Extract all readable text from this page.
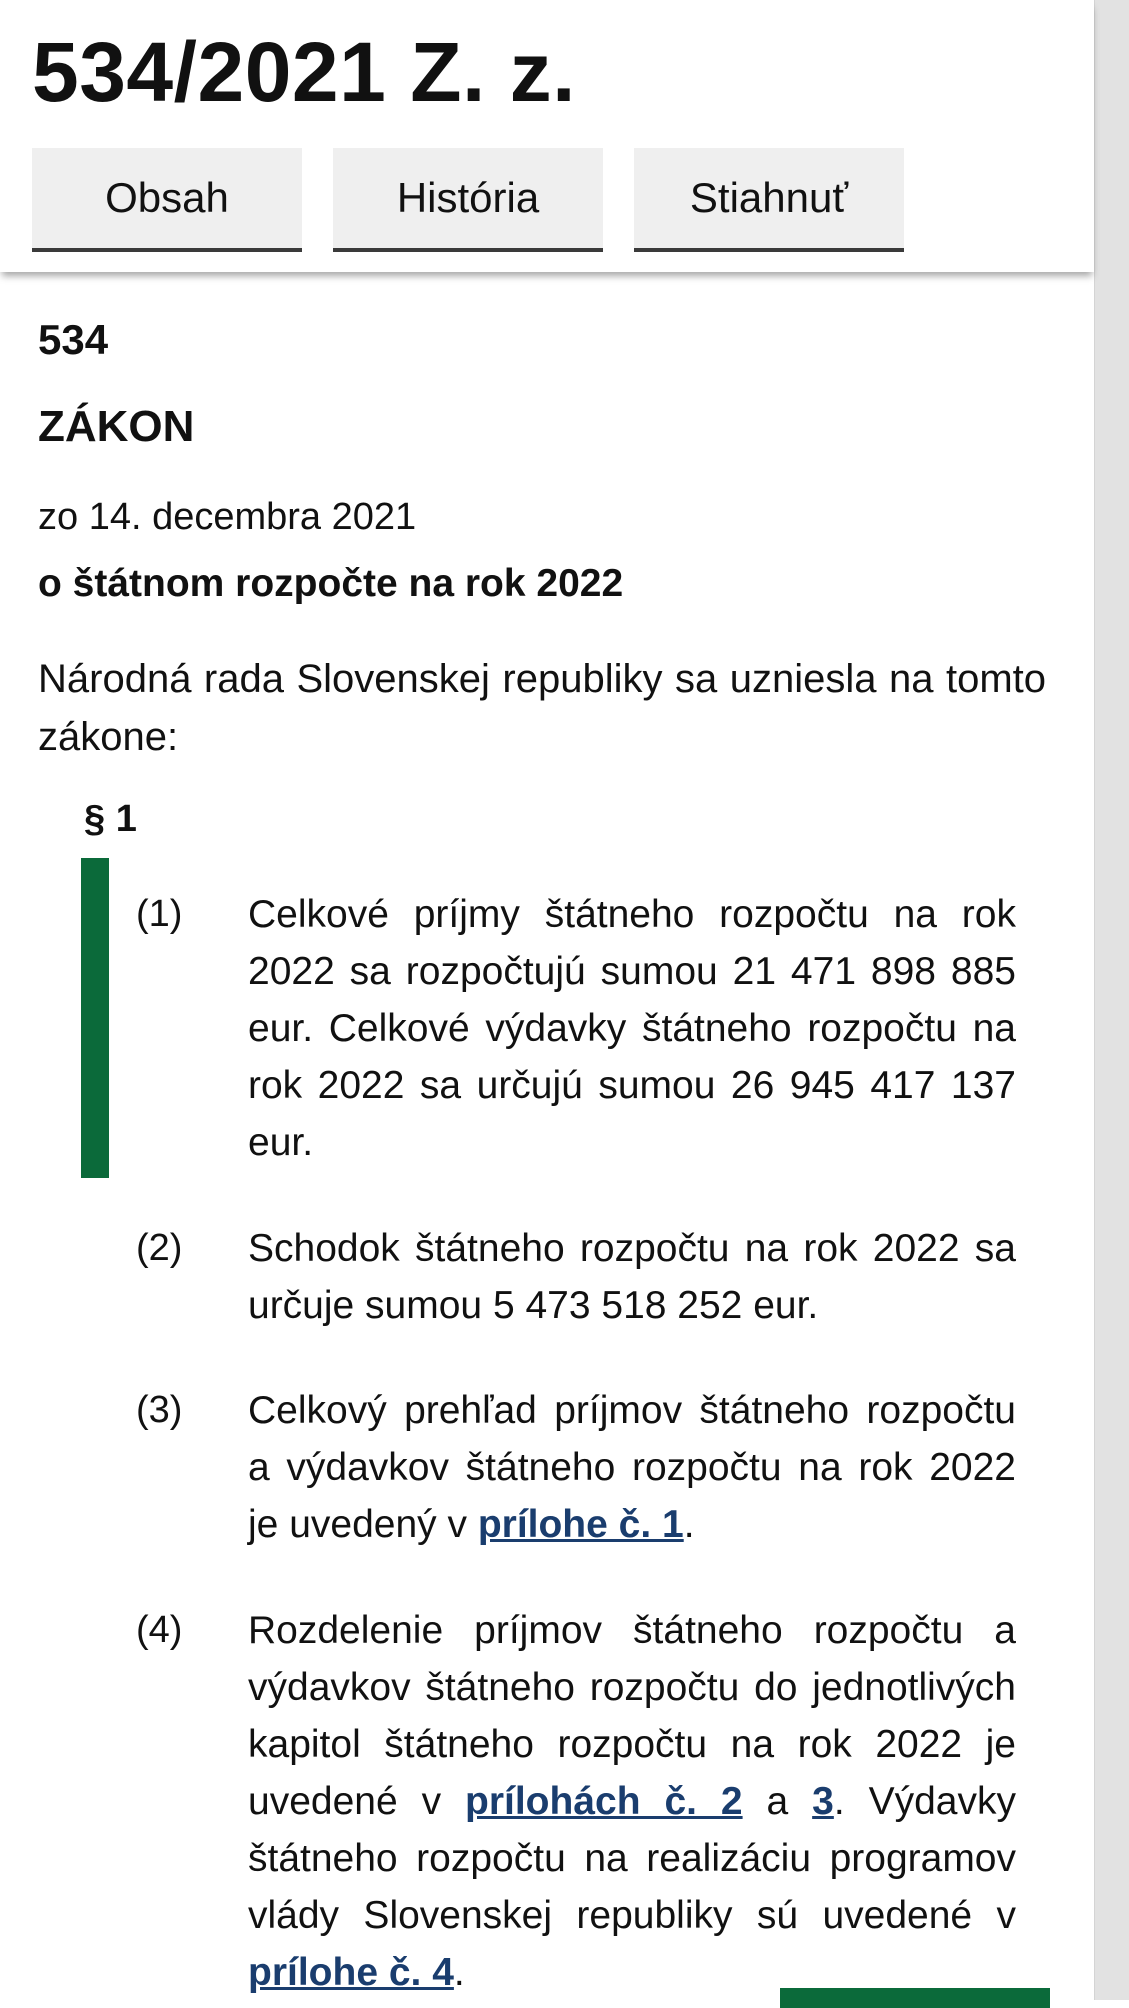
534/2021 Z. z.
Obsah	História	Stiahnuť
534
ZÁKON
zo 14. decembra 2021
o štátnom rozpočte na rok 2022

Národná rada Slovenskej republiky sa uzniesla na tomto zákone:

§ 1
(1) Celkové príjmy štátneho rozpočtu na rok 2022 sa rozpočtujú sumou 21 471 898 885 eur. Celkové výdavky štátneho rozpočtu na rok 2022 sa určujú sumou 26 945 417 137 eur.

(2) Schodok štátneho rozpočtu na rok 2022 sa určuje sumou 5 473 518 252 eur.

(3) Celkový prehľad príjmov štátneho rozpočtu a výdavkov štátneho rozpočtu na rok 2022 je uvedený v prílohe č. 1.

(4) Rozdelenie príjmov štátneho rozpočtu a výdavkov štátneho rozpočtu do jednotlivých kapitol štátneho rozpočtu na rok 2022 je uvedené v prílohách č. 2 a 3. Výdavky štátneho rozpočtu na realizáciu programov vlády Slovenskej republiky sú uvedené v prílohe č. 4.
